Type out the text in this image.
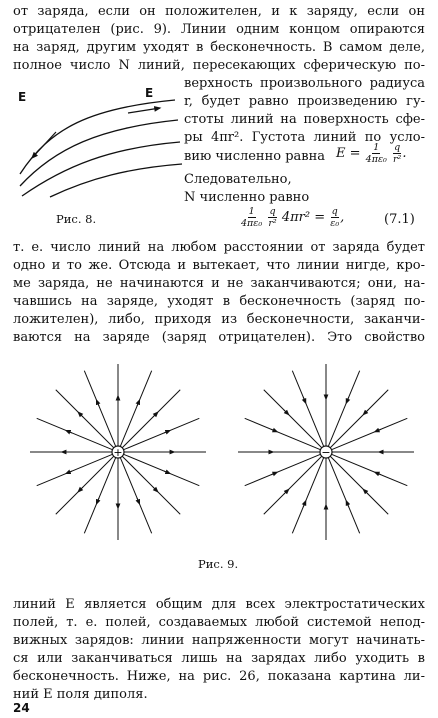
от заряда, если он положителен, и к заряду, если он
отрицателен (рис. 9). Линии одним концом опираются
на заряд, другим уходят в бесконечность. В самом деле,
полное число N линий, пересекающих сферическую по-
верхность произвольного радиуса
r, будет равно произведению гу-
стоты линий на поверхность сфе-
ры 4πr². Густота линий по усло-
вию численно равна $E = \frac{1}{\text{4πε₀}}$
$\frac{q}{\text{r²}}$ .
Следовательно,
N численно равно
E	E
Рис. 8.	$\frac{1}{\text{4πε₀}}$
$\frac{q}{\text{r²}} 4\pi r^2 = \frac{q}{\text{ε₀}}$ ,	(7.1)
т. е. число линий на любом расстоянии от заряда будет
одно и то же. Отсюда и вытекает, что линии нигде, кро-
ме заряда, не начинаются и не заканчиваются; они, на-
чавшись на заряде, уходят в бесконечность (заряд по-
ложителен), либо, приходя из бесконечности, заканчи-
ваются на заряде (заряд отрицателен). Это свойство
+	−
Рис. 9.
линий E является общим для всех электростатических
полей, т. е. полей, создаваемых любой системой непод-
вижных зарядов: линии напряженности могут начинать-
ся или заканчиваться лишь на зарядах либо уходить в
бесконечность. Ниже, на рис. 26, показана картина ли-
ний E поля диполя.
24
